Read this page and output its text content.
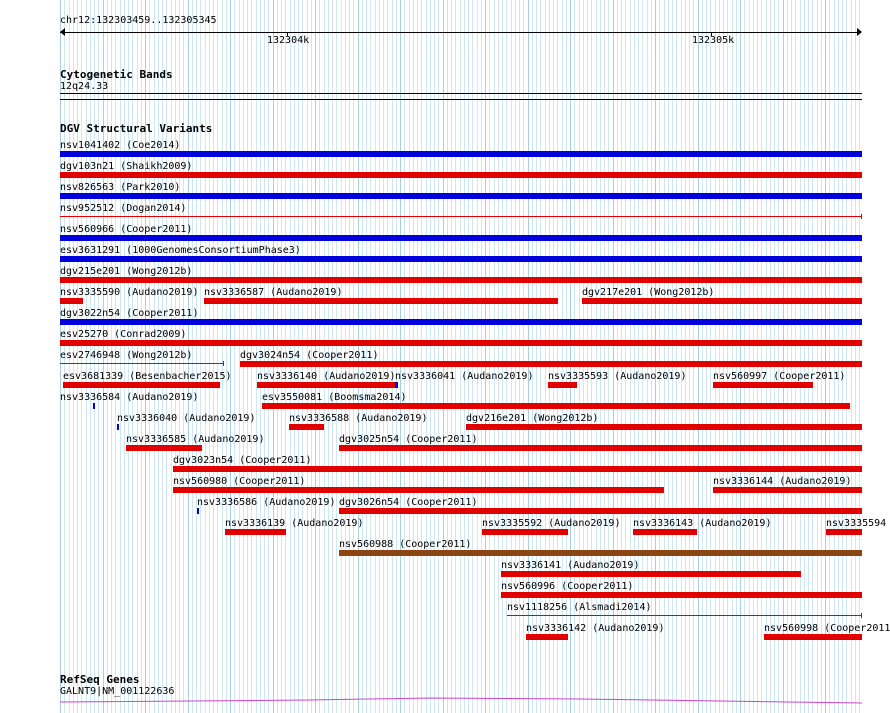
chr12:132303459..132305345
132304k	132305k
Cytogenetic Bands
12q24.33
DGV Structural Variants
nsv1041402 (Coe2014)
dgv103n21 (Shaikh2009)
nsv826563 (Park2010)
nsv952512 (Dogan2014)
nsv560966 (Cooper2011)
esv3631291 (1000GenomesConsortiumPhase3)
dgv215e201 (Wong2012b)
nsv3335590 (Audano2019) nsv3336587 (Audano2019)	dgv217e201 (Wong2012b)
dgv3022n54 (Cooper2011)
esv25270 (Conrad2009)
esv2746948 (Wong2012b)	dgv3024n54 (Cooper2011)
esv3681339 (Besenbacher2015)	nsv3336140 (Audano2019) nsv3336041 (Audano2019) nsv3335593 (Audano2019)	nsv560997 (Cooper2011)
nsv3336584 (Audano2019)	esv3550081 (Boomsma2014)
nsv3336040 (Audano2019)	nsv3336588 (Audano2019)	dgv216e201 (Wong2012b)
nsv3336585 (Audano2019)	dgv3025n54 (Cooper2011)
dgv3023n54 (Cooper2011)
nsv560980 (Cooper2011)	nsv3336144 (Audano2019)
nsv3336586 (Audano2019) dgv3026n54 (Cooper2011)
nsv3336139 (Audano2019)	nsv3335592 (Audano2019) nsv3336143 (Audano2019)	nsv3335594
nsv560988 (Cooper2011)
nsv3336141 (Audano2019)
nsv560996 (Cooper2011)
nsv1118256 (Alsmadi2014)
nsv3336142 (Audano2019)	nsv560998 (Cooper2011
RefSeq Genes
GALNT9|NM_001122636
